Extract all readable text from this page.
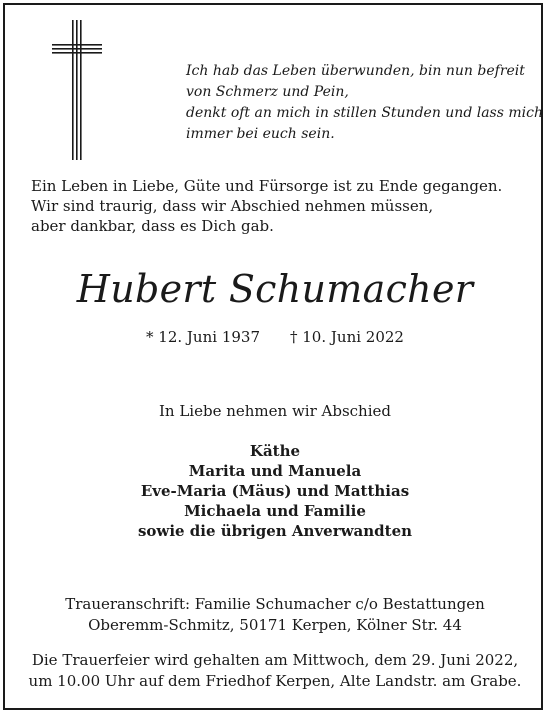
Ich hab das Leben überwunden, bin nun befreit
von Schmerz und Pein,
denkt oft an mich in stillen Stunden und lass mich
immer bei euch sein.
Ein Leben in Liebe, Güte und Fürsorge ist zu Ende gegangen.
Wir sind traurig, dass wir Abschied nehmen müssen,
aber dankbar, dass es Dich gab.
Hubert Schumacher
* 12. Juni 1937 † 10. Juni 2022
In Liebe nehmen wir Abschied
Käthe
Marita und Manuela
Eve-Maria (Mäus) und Matthias
Michaela und Familie
sowie die übrigen Anverwandten
Traueranschrift: Familie Schumacher c/o Bestattungen
Oberemm-Schmitz, 50171 Kerpen, Kölner Str. 44
Die Trauerfeier wird gehalten am Mittwoch, dem 29. Juni 2022,
um 10.00 Uhr auf dem Friedhof Kerpen, Alte Landstr. am Grabe.
